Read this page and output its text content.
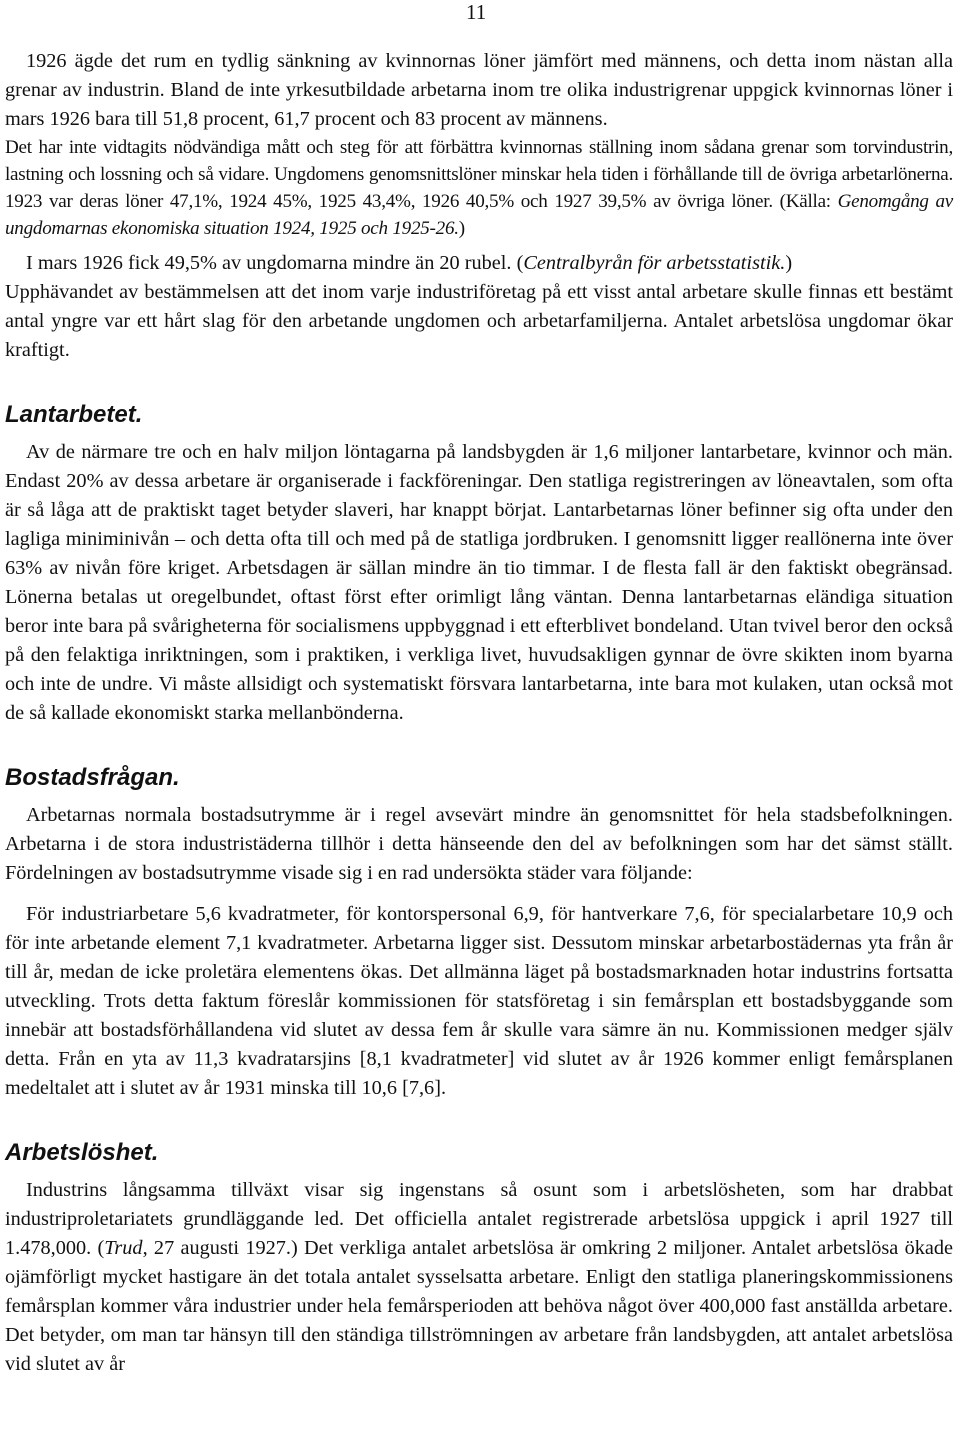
11

1926 ägde det rum en tydlig sänkning av kvinnornas löner jämfört med männens, och detta inom nästan alla grenar av industrin. Bland de inte yrkesutbildade arbetarna inom tre olika industrigrenar uppgick kvinnornas löner i mars 1926 bara till 51,8 procent, 61,7 procent och 83 procent av männens.

Det har inte vidtagits nödvändiga mått och steg för att förbättra kvinnornas ställning inom sådana grenar som torvindustrin, lastning och lossning och så vidare. Ungdomens genomsnittslöner minskar hela tiden i förhållande till de övriga arbetarlönerna. 1923 var deras löner 47,1%, 1924 45%, 1925 43,4%, 1926 40,5% och 1927 39,5% av övriga löner. (Källa: Genomgång av ungdomarnas ekonomiska situation 1924, 1925 och 1925-26.)

I mars 1926 fick 49,5% av ungdomarna mindre än 20 rubel. (Centralbyrån för arbetsstatistik.)

Upphävandet av bestämmelsen att det inom varje industriföretag på ett visst antal arbetare skulle finnas ett bestämt antal yngre var ett hårt slag för den arbetande ungdomen och arbetarfamiljerna. Antalet arbetslösa ungdomar ökar kraftigt.

Lantarbetet.

Av de närmare tre och en halv miljon löntagarna på landsbygden är 1,6 miljoner lantarbetare, kvinnor och män. Endast 20% av dessa arbetare är organiserade i fackföreningar. Den statliga registreringen av löneavtalen, som ofta är så låga att de praktiskt taget betyder slaveri, har knappt börjat. Lantarbetarnas löner befinner sig ofta under den lagliga miniminivån – och detta ofta till och med på de statliga jordbruken. I genomsnitt ligger reallönerna inte över 63% av nivån före kriget. Arbetsdagen är sällan mindre än tio timmar. I de flesta fall är den faktiskt obegränsad. Lönerna betalas ut oregelbundet, oftast först efter orimligt lång väntan. Denna lantarbetarnas eländiga situation beror inte bara på svårigheterna för socialismens uppbyggnad i ett efterblivet bondeland. Utan tvivel beror den också på den felaktiga inriktningen, som i praktiken, i verkliga livet, huvudsakligen gynnar de övre skikten inom byarna och inte de undre. Vi måste allsidigt och systematiskt försvara lantarbetarna, inte bara mot kulaken, utan också mot de så kallade ekonomiskt starka mellanbönderna.

Bostadsfrågan.

Arbetarnas normala bostadsutrymme är i regel avsevärt mindre än genomsnittet för hela stadsbefolkningen. Arbetarna i de stora industristäderna tillhör i detta hänseende den del av befolkningen som har det sämst ställt. Fördelningen av bostadsutrymme visade sig i en rad undersökta städer vara följande:

För industriarbetare 5,6 kvadratmeter, för kontorspersonal 6,9, för hantverkare 7,6, för specialarbetare 10,9 och för inte arbetande element 7,1 kvadratmeter. Arbetarna ligger sist. Dessutom minskar arbetarbostädernas yta från år till år, medan de icke proletära elementens ökas. Det allmänna läget på bostadsmarknaden hotar industrins fortsatta utveckling. Trots detta faktum föreslår kommissionen för statsföretag i sin femårsplan ett bostadsbyggande som innebär att bostadsförhållandena vid slutet av dessa fem år skulle vara sämre än nu. Kommissionen medger själv detta. Från en yta av 11,3 kvadratarsjins [8,1 kvadratmeter] vid slutet av år 1926 kommer enligt femårsplanen medeltalet att i slutet av år 1931 minska till 10,6 [7,6].

Arbetslöshet.

Industrins långsamma tillväxt visar sig ingenstans så osunt som i arbetslösheten, som har drabbat industriproletariatets grundläggande led. Det officiella antalet registrerade arbetslösa uppgick i april 1927 till 1.478,000. (Trud, 27 augusti 1927.) Det verkliga antalet arbetslösa är omkring 2 miljoner. Antalet arbetslösa ökade ojämförligt mycket hastigare än det totala antalet sysselsatta arbetare. Enligt den statliga planeringskommissionens femårsplan kommer våra industrier under hela femårsperioden att behöva något över 400,000 fast anställda arbetare. Det betyder, om man tar hänsyn till den ständiga tillströmningen av arbetare från landsbygden, att antalet arbetslösa vid slutet av år
